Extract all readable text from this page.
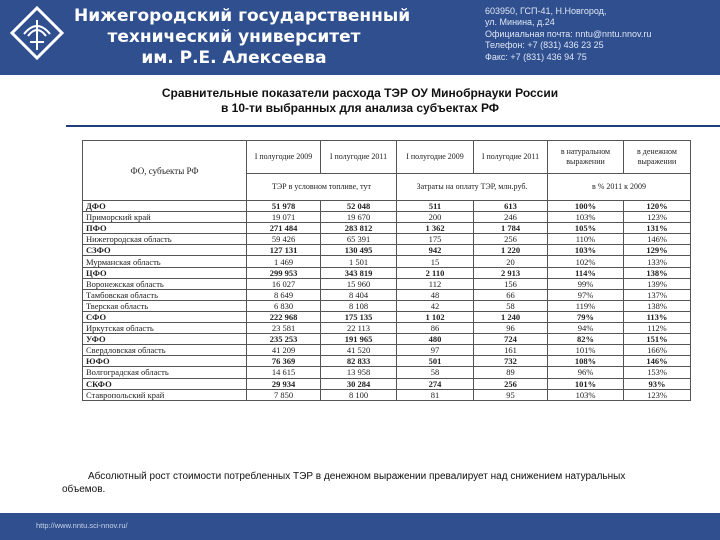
Нижегородский государственный
технический университет
им. Р.Е. Алексеева
603950, ГСП-41, Н.Новгород,
ул. Минина, д.24
Официальная почта: nntu@nntu.nnov.ru
Телефон: +7 (831) 436 23 25
Факс: +7 (831) 436 94 75
Сравнительные показатели расхода ТЭР ОУ Минобрнауки России
в 10-ти выбранных для анализа субъектах РФ
ФО, субъекты РФ	I полугодие 2009	I полугодие 2011	I полугодие 2009	I полугодие 2011	в натуральном выражении	в денежном выражении
	ТЭР в условном топливе, тут		Затраты на оплату ТЭР, млн.руб.		в % 2011 к 2009	
ДФО	51 978	52 048	511	613	100%	120%
Приморский край	19 071	19 670	200	246	103%	123%
ПФО	271 484	283 812	1 362	1 784	105%	131%
Нижегородская область	59 426	65 391	175	256	110%	146%
СЗФО	127 131	130 495	942	1 220	103%	129%
Мурманская область	1 469	1 501	15	20	102%	133%
ЦФО	299 953	343 819	2 110	2 913	114%	138%
Воронежская область	16 027	15 960	112	156	99%	139%
Тамбовская область	8 649	8 404	48	66	97%	137%
Тверская область	6 830	8 108	42	58	119%	138%
СФО	222 968	175 135	1 102	1 240	79%	113%
Иркутская область	23 581	22 113	86	96	94%	112%
УФО	235 253	191 965	480	724	82%	151%
Свердловская область	41 209	41 520	97	161	101%	166%
ЮФО	76 369	82 833	501	732	108%	146%
Волгоградская область	14 615	13 958	58	89	96%	153%
СКФО	29 934	30 284	274	256	101%	93%
Ставропольский край	7 850	8 100	81	95	103%	123%
Абсолютный рост стоимости потребленных ТЭР в денежном выражении превалирует над снижением натуральных объемов.
http://www.nntu.sci-nnov.ru/
